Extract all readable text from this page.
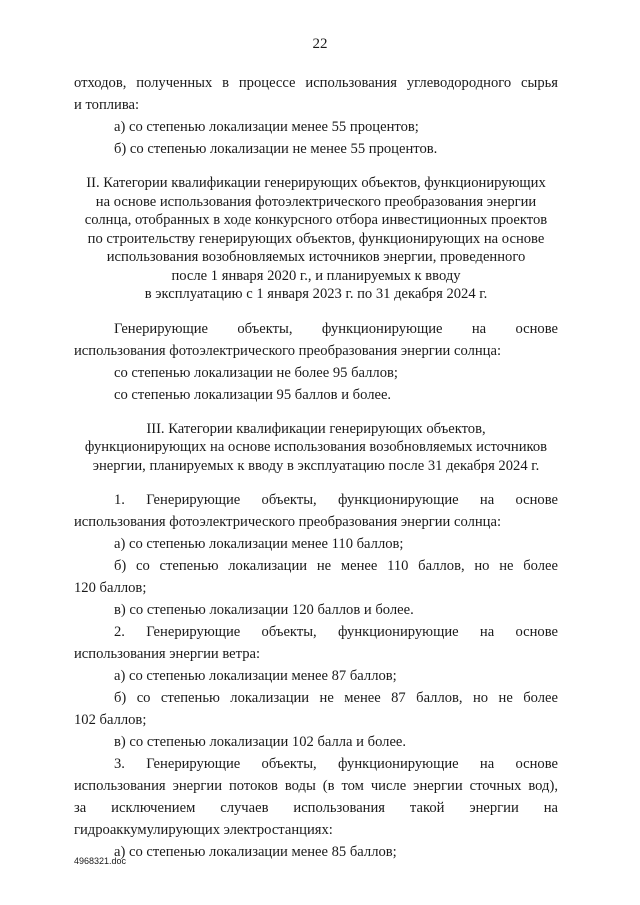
22

отходов, полученных в процессе использования углеводородного сырья

и топлива:

а) со степенью локализации менее 55 процентов;

б) со степенью локализации не менее 55 процентов.

II. Категории квалификации генерирующих объектов, функционирующих

на основе использования фотоэлектрического преобразования энергии

солнца, отобранных в ходе конкурсного отбора инвестиционных проектов

по строительству генерирующих объектов, функционирующих на основе

использования возобновляемых источников энергии, проведенного

после 1 января 2020 г., и планируемых к вводу

в эксплуатацию с 1 января 2023 г. по 31 декабря 2024 г.

Генерирующие объекты, функционирующие на основе

использования фотоэлектрического преобразования энергии солнца:

со степенью локализации не более 95 баллов;

со степенью локализации 95 баллов и более.

III. Категории квалификации генерирующих объектов,

функционирующих на основе использования возобновляемых источников

энергии, планируемых к вводу в эксплуатацию после 31 декабря 2024 г.

1. Генерирующие объекты, функционирующие на основе

использования фотоэлектрического преобразования энергии солнца:

а) со степенью локализации менее 110 баллов;

б) со степенью локализации не менее 110 баллов, но не более

120 баллов;

в) со степенью локализации 120 баллов и более.

2. Генерирующие объекты, функционирующие на основе

использования энергии ветра:

а) со степенью локализации менее 87 баллов;

б) со степенью локализации не менее 87 баллов, но не более

102 баллов;

в) со степенью локализации 102 балла и более.

3. Генерирующие объекты, функционирующие на основе

использования энергии потоков воды (в том числе энергии сточных вод),

за исключением случаев использования такой энергии на

гидроаккумулирующих электростанциях:

а) со степенью локализации менее 85 баллов;

4968321.doc
